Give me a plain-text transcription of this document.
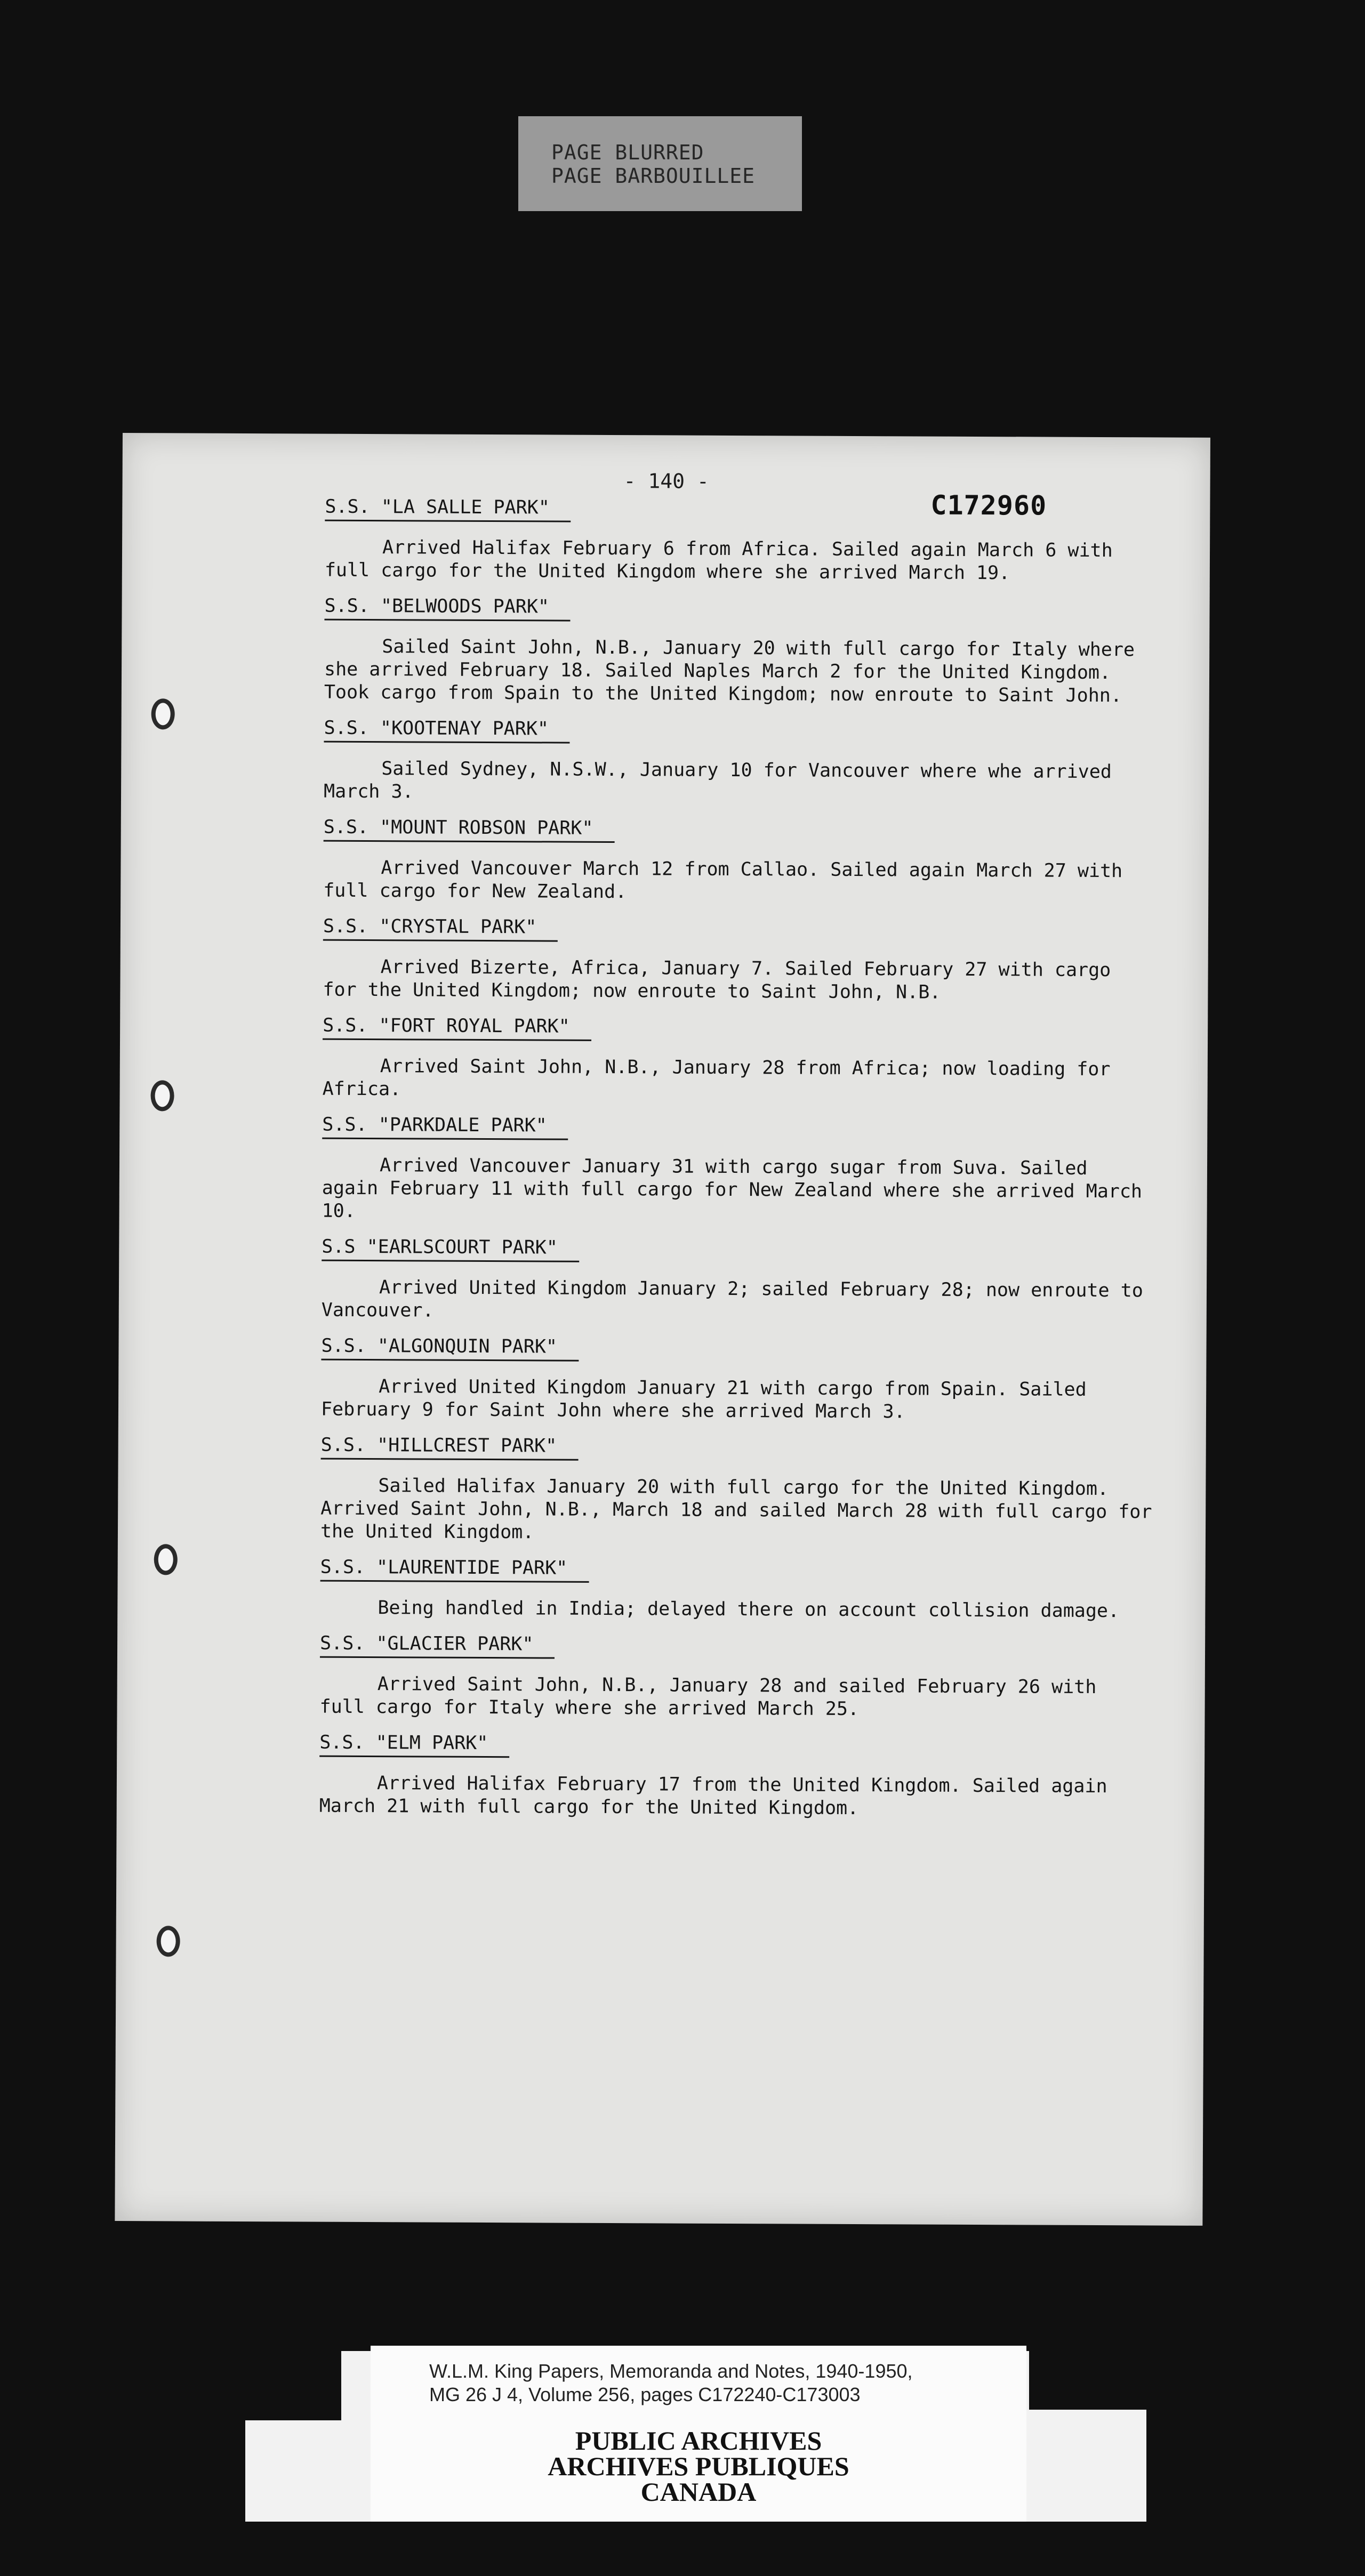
PAGE BLURRED
PAGE BARBOUILLEE
- 140 -
C172960
S.S. "LA SALLE PARK"
Arrived Halifax February 6 from Africa. Sailed again March 6 with full cargo for the United Kingdom where she arrived March 19.
S.S. "BELWOODS PARK"
Sailed Saint John, N.B., January 20 with full cargo for Italy where she arrived February 18. Sailed Naples March 2 for the United Kingdom. Took cargo from Spain to the United Kingdom; now enroute to Saint John.
S.S. "KOOTENAY PARK"
Sailed Sydney, N.S.W., January 10 for Vancouver where whe arrived March 3.
S.S. "MOUNT ROBSON PARK"
Arrived Vancouver March 12 from Callao. Sailed again March 27 with full cargo for New Zealand.
S.S. "CRYSTAL PARK"
Arrived Bizerte, Africa, January 7. Sailed February 27 with cargo for the United Kingdom; now enroute to Saint John, N.B.
S.S. "FORT ROYAL PARK"
Arrived Saint John, N.B., January 28 from Africa; now loading for Africa.
S.S. "PARKDALE PARK"
Arrived Vancouver January 31 with cargo sugar from Suva. Sailed again February 11 with full cargo for New Zealand where she arrived March 10.
S.S "EARLSCOURT PARK"
Arrived United Kingdom January 2; sailed February 28; now enroute to Vancouver.
S.S. "ALGONQUIN PARK"
Arrived United Kingdom January 21 with cargo from Spain. Sailed February 9 for Saint John where she arrived March 3.
S.S. "HILLCREST PARK"
Sailed Halifax January 20 with full cargo for the United Kingdom. Arrived Saint John, N.B., March 18 and sailed March 28 with full cargo for the United Kingdom.
S.S. "LAURENTIDE PARK"
Being handled in India; delayed there on account collision damage.
S.S. "GLACIER PARK"
Arrived Saint John, N.B., January 28 and sailed February 26 with full cargo for Italy where she arrived March 25.
S.S. "ELM PARK"
Arrived Halifax February 17 from the United Kingdom. Sailed again March 21 with full cargo for the United Kingdom.
W.L.M. King Papers, Memoranda and Notes, 1940-1950,
MG 26 J 4, Volume 256, pages C172240-C173003
PUBLIC ARCHIVES
ARCHIVES PUBLIQUES
CANADA
